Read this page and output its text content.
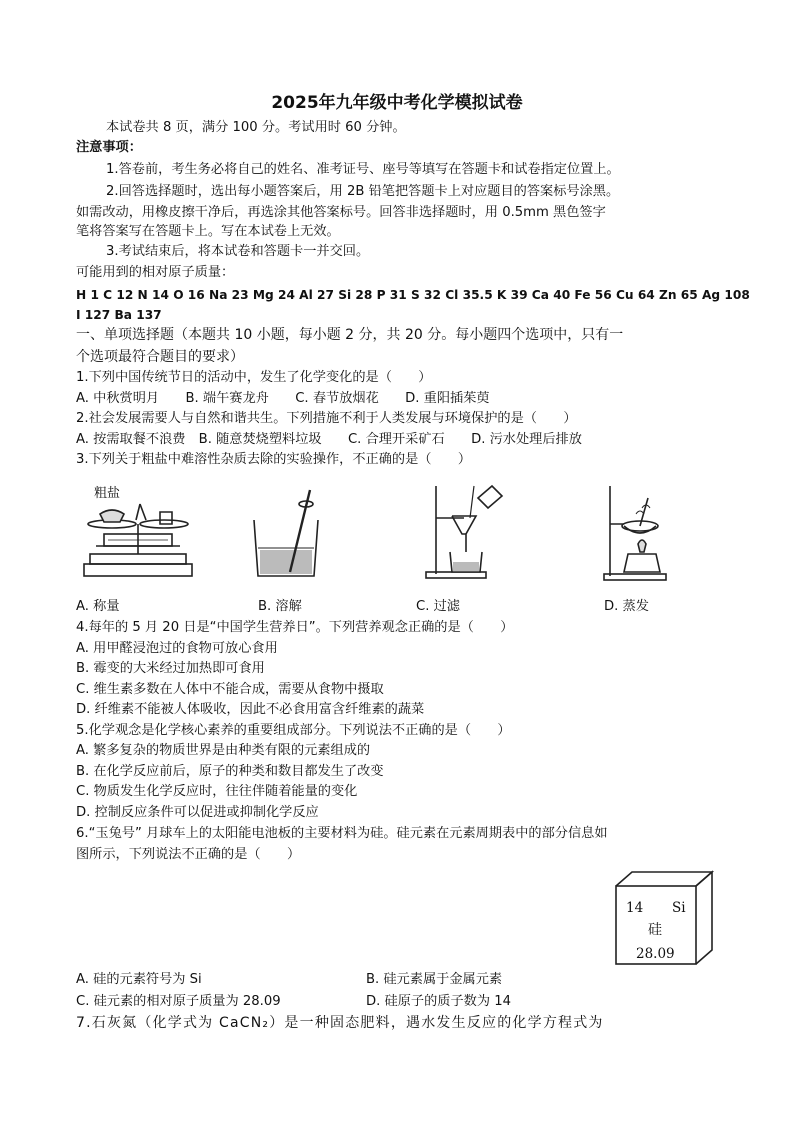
2025年九年级中考化学模拟试卷
本试卷共 8 页，满分 100 分。考试用时 60 分钟。
注意事项：
1.答卷前，考生务必将自己的姓名、准考证号、座号等填写在答题卡和试卷指定位置上。
2.回答选择题时，选出每小题答案后，用 2B 铅笔把答题卡上对应题目的答案标号涂黑。
如需改动，用橡皮擦干净后，再选涂其他答案标号。回答非选择题时，用 0.5mm 黑色签字
笔将答案写在答题卡上。写在本试卷上无效。
3.考试结束后，将本试卷和答题卡一并交回。
可能用到的相对原子质量：
H 1 C 12 N 14 O 16 Na 23 Mg 24 Al 27 Si 28 P 31 S 32 Cl 35.5 K 39 Ca 40 Fe 56 Cu 64 Zn 65 Ag 108
I 127 Ba 137
一、单项选择题（本题共 10 小题，每小题 2 分，共 20 分。每小题四个选项中，只有一
个选项最符合题目的要求）
1.下列中国传统节日的活动中，发生了化学变化的是（　　）
A. 中秋赏明月　　B. 端午赛龙舟　　C. 春节放烟花　　D. 重阳插茱萸
2.社会发展需要人与自然和谐共生。下列措施不利于人类发展与环境保护的是（　　）
A. 按需取餐不浪费　B. 随意焚烧塑料垃圾　　C. 合理开采矿石　　D. 污水处理后排放
3.下列关于粗盐中难溶性杂质去除的实验操作，不正确的是（　　）
粗盐
A. 称量	B. 溶解	C. 过滤	D. 蒸发
4.每年的 5 月 20 日是“中国学生营养日”。下列营养观念正确的是（　　）
A. 用甲醛浸泡过的食物可放心食用
B. 霉变的大米经过加热即可食用
C. 维生素多数在人体中不能合成，需要从食物中摄取
D. 纤维素不能被人体吸收，因此不必食用富含纤维素的蔬菜
5.化学观念是化学核心素养的重要组成部分。下列说法不正确的是（　　）
A. 繁多复杂的物质世界是由种类有限的元素组成的
B. 在化学反应前后，原子的种类和数目都发生了改变
C. 物质发生化学反应时，往往伴随着能量的变化
D. 控制反应条件可以促进或抑制化学反应
6.“玉兔号” 月球车上的太阳能电池板的主要材料为硅。硅元素在元素周期表中的部分信息如
图所示，下列说法不正确的是（　　）
14 Si
硅
28.09
A. 硅的元素符号为 Si	B. 硅元素属于金属元素
C. 硅元素的相对原子质量为 28.09	D. 硅原子的质子数为 14
7.石灰氮（化学式为 CaCN₂）是一种固态肥料，遇水发生反应的化学方程式为
